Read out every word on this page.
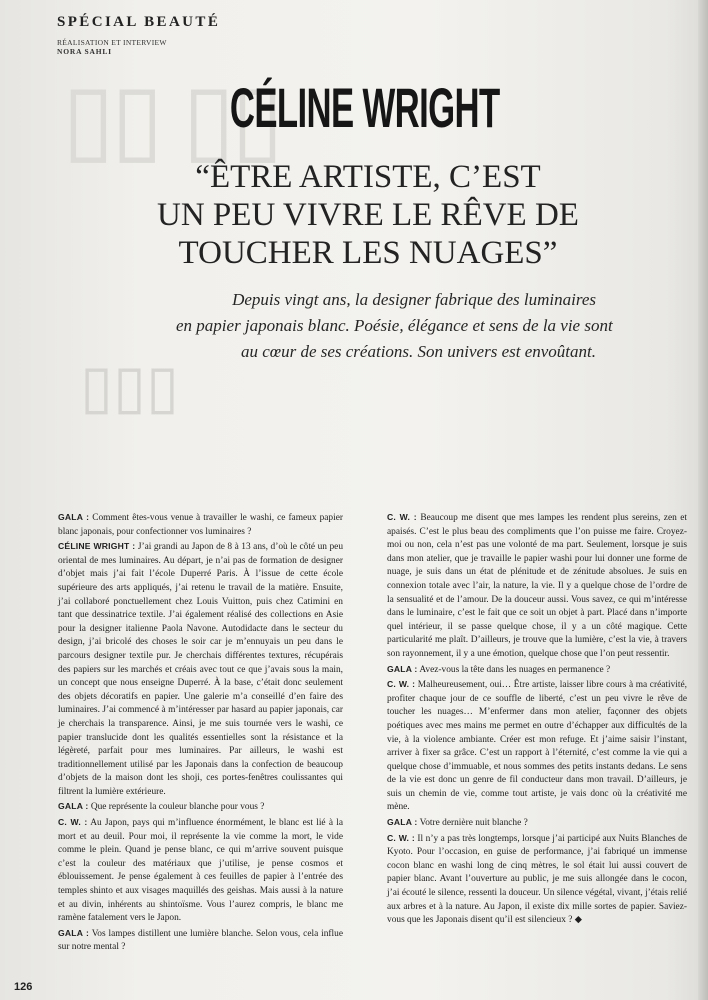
SPÉCIAL BEAUTÉ
RÉALISATION ET INTERVIEW
NORA SAHLI
▯▯ ▯▯
▯▯▯
CÉLINE WRIGHT
“ÊTRE ARTISTE, C’EST
UN PEU VIVRE LE RÊVE DE
TOUCHER LES NUAGES”
Depuis vingt ans, la designer fabrique des luminaires
en papier japonais blanc. Poésie, élégance et sens de la vie sont
au cœur de ses créations. Son univers est envoûtant.

GALA : Comment êtes-vous venue à travailler le washi, ce fameux papier blanc japonais, pour confectionner vos luminaires ?

CÉLINE WRIGHT : J’ai grandi au Japon de 8 à 13 ans, d’où le côté un peu oriental de mes luminaires. Au départ, je n’ai pas de formation de designer d’objet mais j’ai fait l’école Duperré Paris. À l’issue de cette école supérieure des arts appliqués, j’ai retenu le travail de la matière. Ensuite, j’ai collaboré ponctuellement chez Louis Vuitton, puis chez Catimini en tant que dessinatrice textile. J’ai également réalisé des collections en Asie pour la designer italienne Paola Navone. Autodidacte dans le secteur du design, j’ai bricolé des choses le soir car je m’ennuyais un peu dans le parcours designer textile pur. Je cherchais différentes textures, récupérais des papiers sur les marchés et créais avec tout ce que j’avais sous la main, un concept que nous enseigne Duperré. À la base, c’était donc seulement des objets décoratifs en papier. Une galerie m’a conseillé d’en faire des luminaires. J’ai commencé à m’intéresser par hasard au papier japonais, car je cherchais la transparence. Ainsi, je me suis tournée vers le washi, ce papier translucide dont les qualités essentielles sont la résistance et la légèreté, parfait pour mes luminaires. Par ailleurs, le washi est traditionnellement utilisé par les Japonais dans la confection de beaucoup d’objets de la maison dont les shoji, ces portes-fenêtres coulissantes qui filtrent la lumière extérieure.

GALA : Que représente la couleur blanche pour vous ?

C. W. : Au Japon, pays qui m’influence énormément, le blanc est lié à la mort et au deuil. Pour moi, il représente la vie comme la mort, le vide comme le plein. Quand je pense blanc, ce qui m’arrive souvent puisque c’est la couleur des matériaux que j’utilise, je pense cosmos et éblouissement. Je pense également à ces feuilles de papier à l’entrée des temples shinto et aux visages maquillés des geishas. Mais aussi à la nature et au divin, inhérents au shintoïsme. Vous l’aurez compris, le blanc me ramène fatalement vers le Japon.

GALA : Vos lampes distillent une lumière blanche. Selon vous, cela influe sur notre mental ?

C. W. : Beaucoup me disent que mes lampes les rendent plus sereins, zen et apaisés. C’est le plus beau des compliments que l’on puisse me faire. Croyez-moi ou non, cela n’est pas une volonté de ma part. Seulement, lorsque je suis dans mon atelier, que je travaille le papier washi pour lui donner une forme de nuage, je suis dans un état de plénitude et de zénitude absolues. Je suis en connexion totale avec l’air, la nature, la vie. Il y a quelque chose de l’ordre de la sensualité et de l’amour. De la douceur aussi. Vous savez, ce qui m’intéresse dans le luminaire, c’est le fait que ce soit un objet à part. Placé dans n’importe quel intérieur, il se passe quelque chose, il y a un côté magique. Cette particularité me plaît. D’ailleurs, je trouve que la lumière, c’est la vie, à travers son rayonnement, il y a une émotion, quelque chose que l’on peut ressentir.

GALA : Avez-vous la tête dans les nuages en permanence ?

C. W. : Malheureusement, oui… Être artiste, laisser libre cours à ma créativité, profiter chaque jour de ce souffle de liberté, c’est un peu vivre le rêve de toucher les nuages… M’enfermer dans mon atelier, façonner des objets poétiques avec mes mains me permet en outre d’échapper aux difficultés de la vie, à la violence ambiante. Créer est mon refuge. Et j’aime saisir l’instant, arriver à fixer sa grâce. C’est un rapport à l’éternité, c’est comme la vie qui a quelque chose d’immuable, et nous sommes des petits instants dedans. Le sens de la vie est donc un genre de fil conducteur dans mon travail. D’ailleurs, je suis un chemin de vie, comme tout artiste, je vais donc où la créativité me mène.

GALA : Votre dernière nuit blanche ?

C. W. : Il n’y a pas très longtemps, lorsque j’ai participé aux Nuits Blanches de Kyoto. Pour l’occasion, en guise de performance, j’ai fabriqué un immense cocon blanc en washi long de cinq mètres, le sol était lui aussi couvert de papier blanc. Avant l’ouverture au public, je me suis allongée dans le cocon, j’ai écouté le silence, ressenti la douceur. Un silence végétal, vivant, j’étais relié aux arbres et à la nature. Au Japon, il existe dix mille sortes de papier. Saviez-vous que les Japonais disent qu’il est silencieux ? ◆

126
